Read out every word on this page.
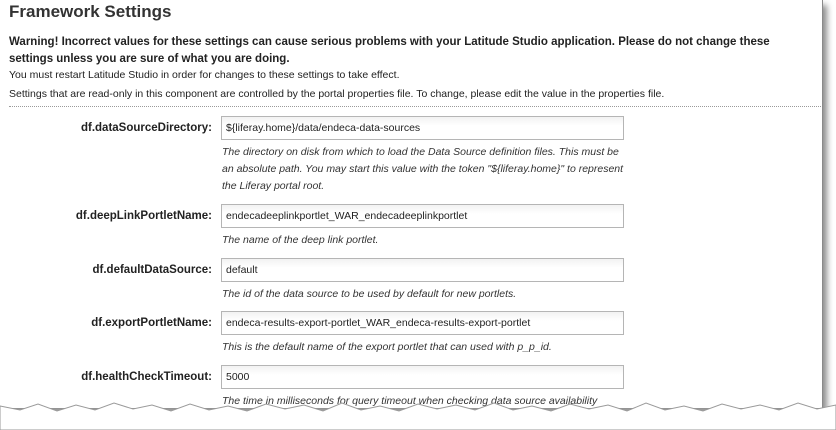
Framework Settings
Warning! Incorrect values for these settings can cause serious problems with your Latitude Studio application. Please do not change these settings unless you are sure of what you are doing.
You must restart Latitude Studio in order for changes to these settings to take effect.
Settings that are read-only in this component are controlled by the portal properties file. To change, please edit the value in the properties file.
df.dataSourceDirectory:
${liferay.home}/data/endeca-data-sources
The directory on disk from which to load the Data Source definition files. This must be an absolute path. You may start this value with the token "${liferay.home}" to represent the Liferay portal root.
df.deepLinkPortletName:
endecadeeplinkportlet_WAR_endecadeeplinkportlet
The name of the deep link portlet.
df.defaultDataSource:
default
The id of the data source to be used by default for new portlets.
df.exportPortletName:
endeca-results-export-portlet_WAR_endeca-results-export-portlet
This is the default name of the export portlet that can used with p_p_id.
df.healthCheckTimeout:
5000
The time in milliseconds for query timeout when checking data source availability
